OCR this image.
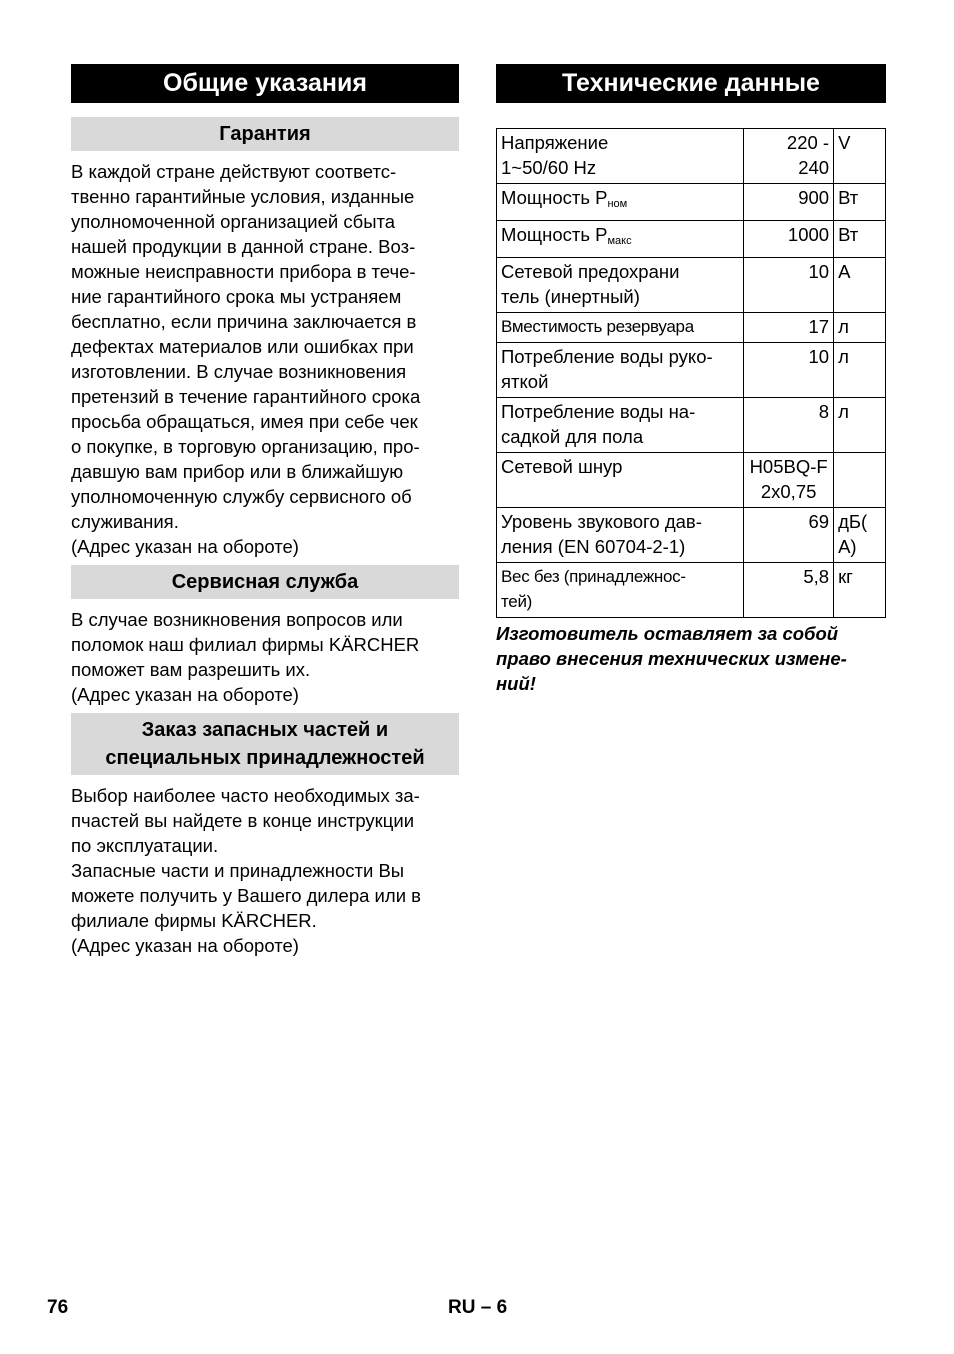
Общие указания
Гарантия

В каждой стране действуют соответс-
твенно гарантийные условия, изданные
уполномоченной организацией сбыта
нашей продукции в данной стране. Воз-
можные неисправности прибора в тече-
ние гарантийного срока мы устраняем
бесплатно, если причина заключается в
дефектах материалов или ошибках при
изготовлении. В случае возникновения
претензий в течение гарантийного срока
просьба обращаться, имея при себе чек
о покупке, в торговую организацию, про-
давшую вам прибор или в ближайшую
уполномоченную службу сервисного об
служивания.
(Адрес указан на обороте)

Сервисная служба

В случае возникновения вопросов или
поломок наш филиал фирмы KÄRCHER
поможет вам разрешить их.
(Адрес указан на обороте)

Заказ запасных частей и
специальных принадлежностей

Выбор наиболее часто необходимых за-
пчастей вы найдете в конце инструкции
по эксплуатации.
Запасные части и принадлежности Вы
можете получить у Вашего дилера или в
филиале фирмы KÄRCHER.
(Адрес указан на обороте)

Технические данные
Напряжение
1~50/60 Hz	220 -
240	V
Мощность $P_{ном}$	900	Вт
Мощность $P_{макс}$	1000	Вт
Сетевой предохрани
тель (инертный)	10	A
Вместимость резервуара	17	л
Потребление воды руко-
яткой	10	л
Потребление воды на-
садкой для пола	8	л
Сетевой шнур	H05BQ-F
2x0,75	
Уровень звукового дав-
ления (EN 60704-2-1)	69	дБ(
A)
Вес без (принадлежнос-
тей)	5,8	кг

Изготовитель оставляет за собой
право внесения технических измене-
ний!

76	RU – 6
